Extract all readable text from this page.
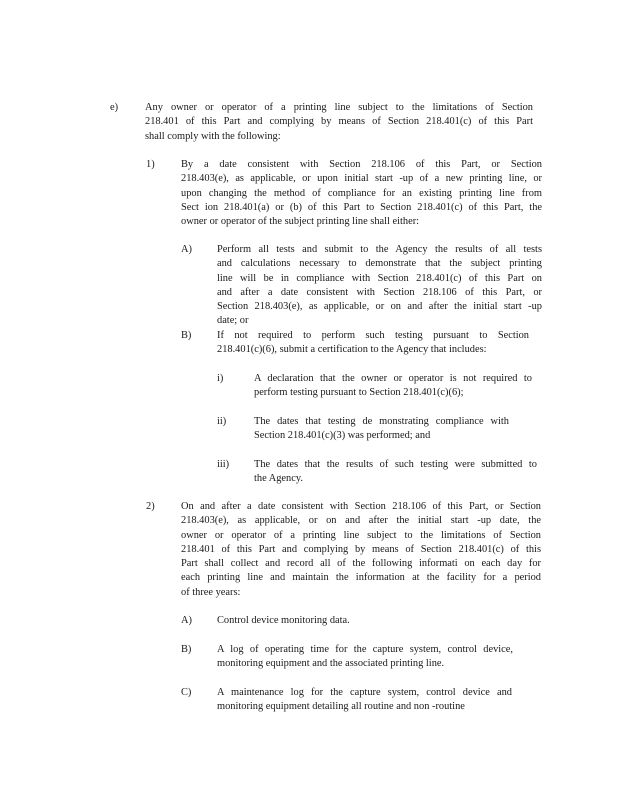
e)	Any owner or operator of a printing line subject to the limitations of Section
218.401 of this Part and complying by means of Section 218.401(c) of this Part
shall comply with the following:
1)	By a date consistent with Section 218.106 of this Part, or Section
218.403(e), as applicable, or upon initial start -up of a new printing line, or
upon changing the method of compliance for an existing printing line from
Sect ion 218.401(a) or (b) of this Part to Section 218.401(c) of this Part, the
owner or operator of the subject printing line shall either:
A) Perform all tests and submit to the Agency the results of all tests
and calculations necessary to demonstrate that the subject printing
line will be in compliance with Section 218.401(c) of this Part on
and after a date consistent with Section 218.106 of this Part, or
Section 218.403(e), as applicable, or on and after the initial start -up
date; or
B) If not required to perform such testing pursuant to Section
218.401(c)(6), submit a certification to the Agency that includes:
i)	A declaration that the owner or operator is not required to
perform testing pursuant to Section 218.401(c)(6);
ii)	The dates that testing de monstrating compliance with
Section 218.401(c)(3) was performed; and
iii) The dates that the results of such testing were submitted to
the Agency.
2)	On and after a date consistent with Section 218.106 of this Part, or Section
218.403(e), as applicable, or on and after the initial start -up date, the
owner or operator of a printing line subject to the limitations of Section
218.401 of this Part and complying by means of Section 218.401(c) of this
Part shall collect and record all of the following informati on each day for
each printing line and maintain the information at the facility for a period
of three years:
A) Control device monitoring data.
B) A log of operating time for the capture system, control device,
monitoring equipment and the associated printing line.
C) A maintenance log for the capture system, control device and
monitoring equipment detailing all routine and non -routine
